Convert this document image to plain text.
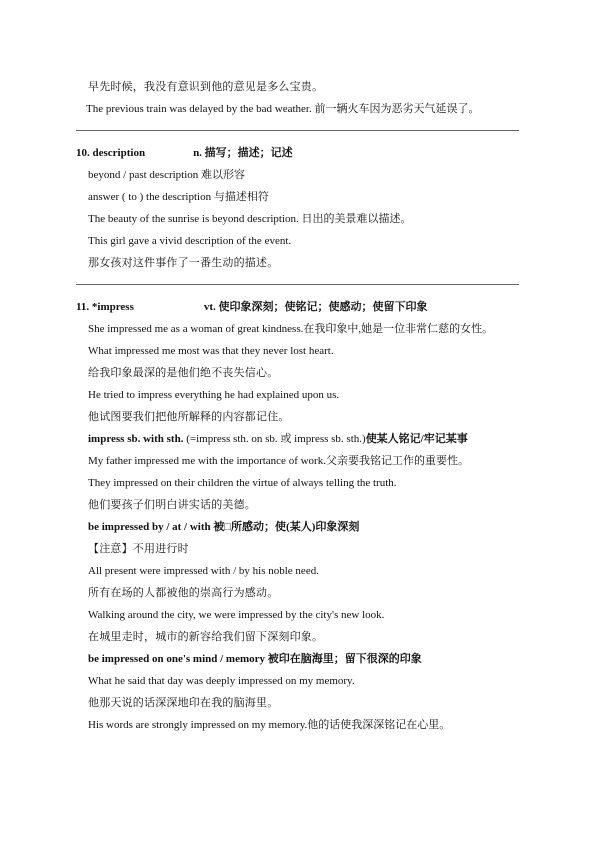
早先时候，我没有意识到他的意见是多么宝贵。
The previous train was delayed by the bad weather. 前一辆火车因为恶劣天气延误了。
10. description	n. 描写；描述；记述
beyond / past description 难以形容
answer ( to ) the description 与描述相符
The beauty of the sunrise is beyond description. 日出的美景难以描述。
This girl gave a vivid description of the event.
那女孩对这件事作了一番生动的描述。
11. *impress	vt. 使印象深刻；使铭记；使感动；使留下印象
She impressed me as a woman of great kindness.在我印象中,她是一位非常仁慈的女性。
What impressed me most was that they never lost heart.
给我印象最深的是他们绝不丧失信心。
He tried to impress everything he had explained upon us.
他试图要我们把他所解释的内容都记住。
impress sb. with sth. (=impress sth. on sb. 或 impress sb. sth.)使某人铭记/牢记某事
My father impressed me with the importance of work.父亲要我铭记工作的重要性。
They impressed on their children the virtue of always telling the truth.
他们要孩子们明白讲实话的美德。
be impressed by / at / with 被□所感动；使(某人)印象深刻
【注意】不用进行时
All present were impressed with / by his noble need.
所有在场的人都被他的崇高行为感动。
Walking around the city, we were impressed by the city's new look.
在城里走时，城市的新容给我们留下深刻印象。
be impressed on one's mind / memory 被印在脑海里；留下很深的印象
What he said that day was deeply impressed on my memory.
他那天说的话深深地印在我的脑海里。
His words are strongly impressed on my memory.他的话使我深深铭记在心里。
